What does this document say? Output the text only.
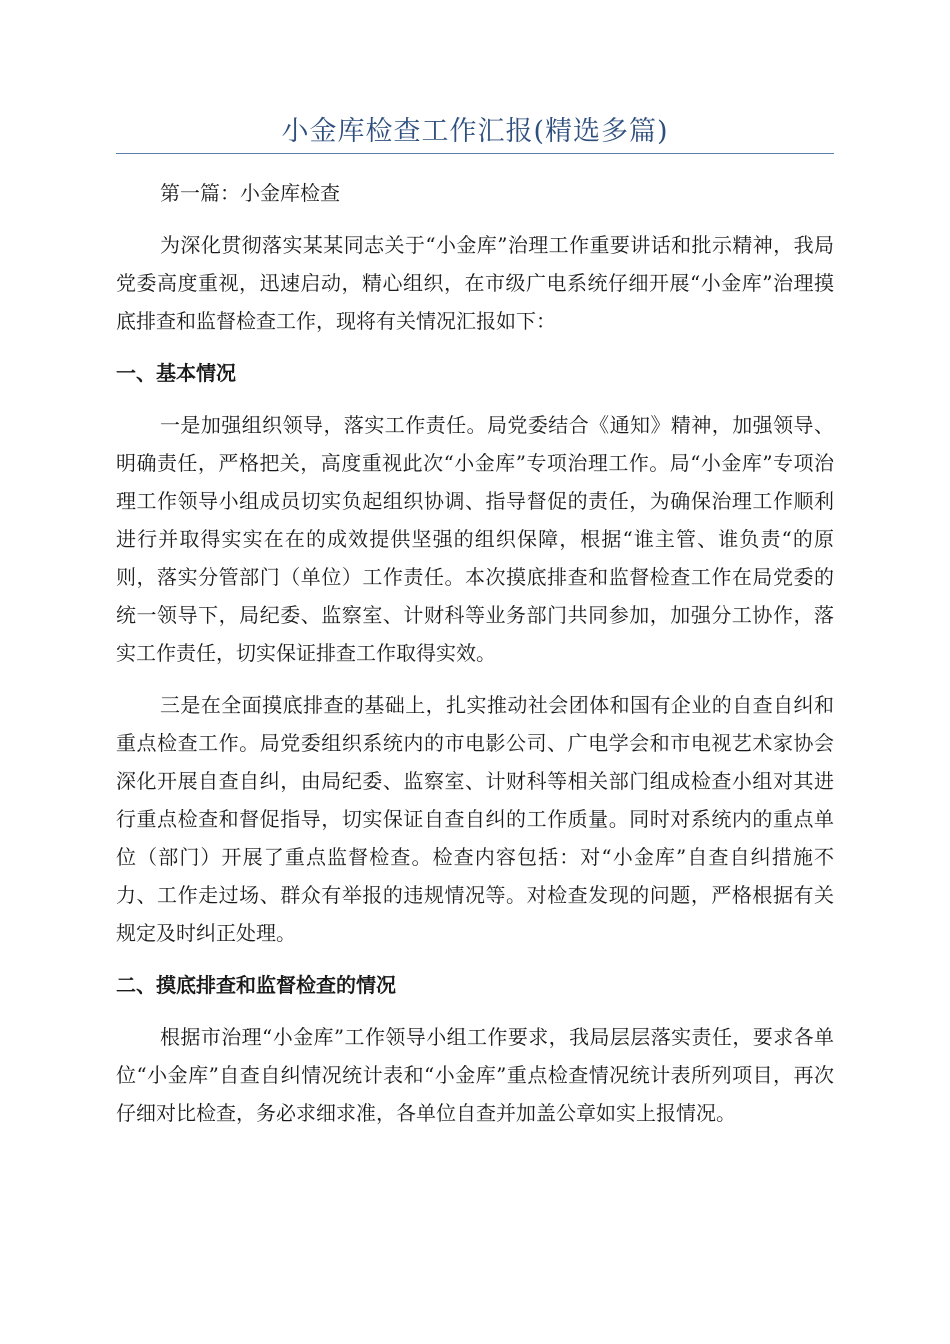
小金库检查工作汇报(精选多篇)

第一篇：小金库检查

为深化贯彻落实某某同志关于“小金库”治理工作重要讲话和批示精神，我局党委高度重视，迅速启动，精心组织，在市级广电系统仔细开展“小金库”治理摸底排查和监督检查工作，现将有关情况汇报如下：

一、基本情况

一是加强组织领导，落实工作责任。局党委结合《通知》精神，加强领导、明确责任，严格把关，高度重视此次“小金库”专项治理工作。局“小金库”专项治理工作领导小组成员切实负起组织协调、指导督促的责任，为确保治理工作顺利进行并取得实实在在的成效提供坚强的组织保障，根据“谁主管、谁负责“的原则，落实分管部门（单位）工作责任。本次摸底排查和监督检查工作在局党委的统一领导下，局纪委、监察室、计财科等业务部门共同参加，加强分工协作，落实工作责任，切实保证排查工作取得实效。

三是在全面摸底排查的基础上，扎实推动社会团体和国有企业的自查自纠和重点检查工作。局党委组织系统内的市电影公司、广电学会和市电视艺术家协会深化开展自查自纠，由局纪委、监察室、计财科等相关部门组成检查小组对其进行重点检查和督促指导，切实保证自查自纠的工作质量。同时对系统内的重点单位（部门）开展了重点监督检查。检查内容包括：对“小金库”自查自纠措施不力、工作走过场、群众有举报的违规情况等。对检查发现的问题，严格根据有关规定及时纠正处理。

二、摸底排查和监督检查的情况

根据市治理“小金库”工作领导小组工作要求，我局层层落实责任，要求各单位“小金库”自查自纠情况统计表和“小金库”重点检查情况统计表所列项目，再次仔细对比检查，务必求细求准，各单位自查并加盖公章如实上报情况。
